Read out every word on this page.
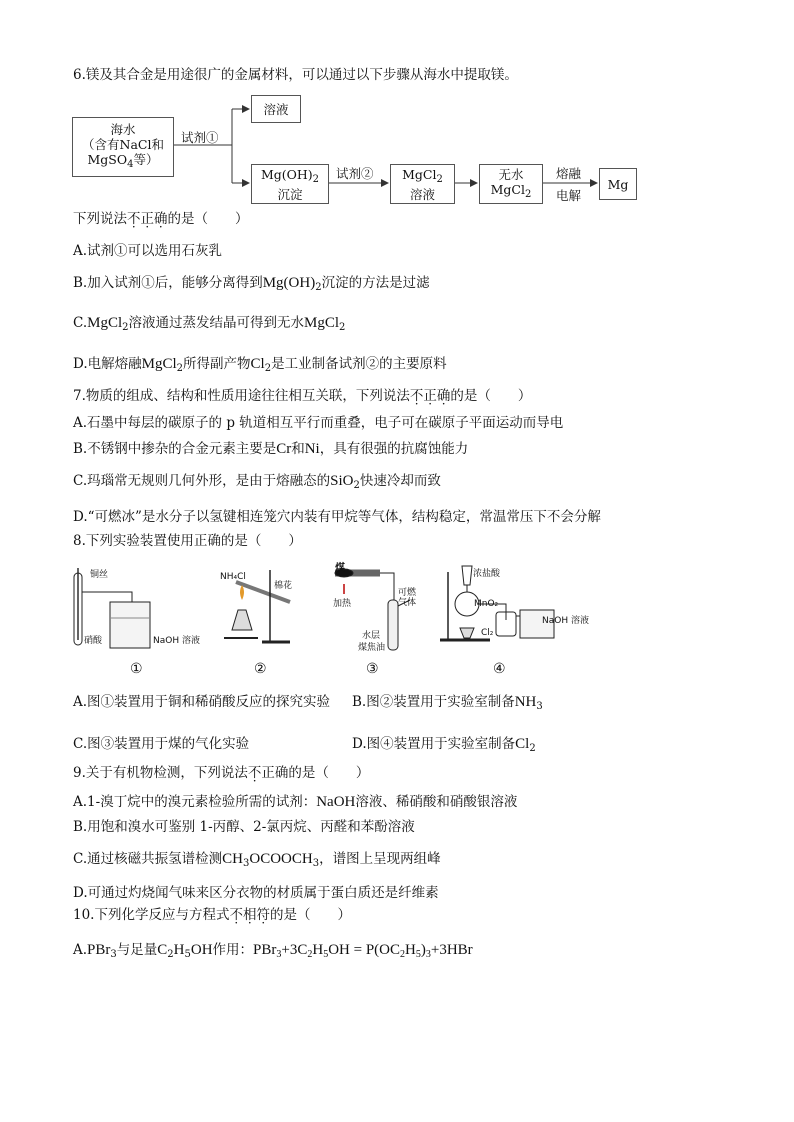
6.镁及其合金是用途很广的金属材料，可以通过以下步骤从海水中提取镁。
海水
（含有NaCl和
MgSO$_4$等）
试剂①
溶液
$Mg(OH)_2$
沉淀
试剂② MgCl$_2$
溶液
无水
MgCl$_2$
熔融
电解
Mg
下列说法不正确的是（　　）
A.试剂①可以选用石灰乳
B.加入试剂①后，能够分离得到$Mg(OH)_2$沉淀的方法是过滤
C.MgCl$_2$溶液通过蒸发结晶可得到无水MgCl$_2$
D.电解熔融MgCl$_2$所得副产物$Cl_2$是工业制备试剂②的主要原料
7.物质的组成、结构和性质用途往往相互关联，下列说法不正确的是（　　）
A.石墨中每层的碳原子的 p 轨道相互平行而重叠，电子可在碳原子平面运动而导电
B.不锈钢中掺杂的合金元素主要是Cr和Ni，具有很强的抗腐蚀能力
C.玛瑙常无规则几何外形，是由于熔融态的SiO$_2$快速冷却而致
D.“可燃冰”是水分子以氢键相连笼穴内装有甲烷等气体，结构稳定，常温常压下不会分解
8.下列实验装置使用正确的是（　　）
铜丝
硝酸	NaOH 溶液
①
NH₄Cl
棉花
②
煤
加热
可燃
气体
水层
煤焦油
③
浓盐酸
MnO₂
Cl₂
NaOH 溶液
④
A.图①装置用于铜和稀硝酸反应的探究实验 B.图②装置用于实验室制备$NH_3$
C.图③装置用于煤的气化实验	D.图④装置用于实验室制备$Cl_2$
9.关于有机物检测，下列说法不正确的是（　　）
A.1-溴丁烷中的溴元素检验所需的试剂：NaOH溶液、稀硝酸和硝酸银溶液
B.用饱和溴水可鉴别 1-丙醇、2-氯丙烷、丙醛和苯酚溶液
C.通过核磁共振氢谱检测$CH_3OCOOCH_3$，谱图上呈现两组峰
D.可通过灼烧闻气味来区分衣物的材质属于蛋白质还是纤维素
10.下列化学反应与方程式不相符的是（　　）
A.PBr$_3$与足量$C_2H_5OH$作用：$PBr_3+3C_2H_5OH = P(OC_2H_5)_3+3HBr$
